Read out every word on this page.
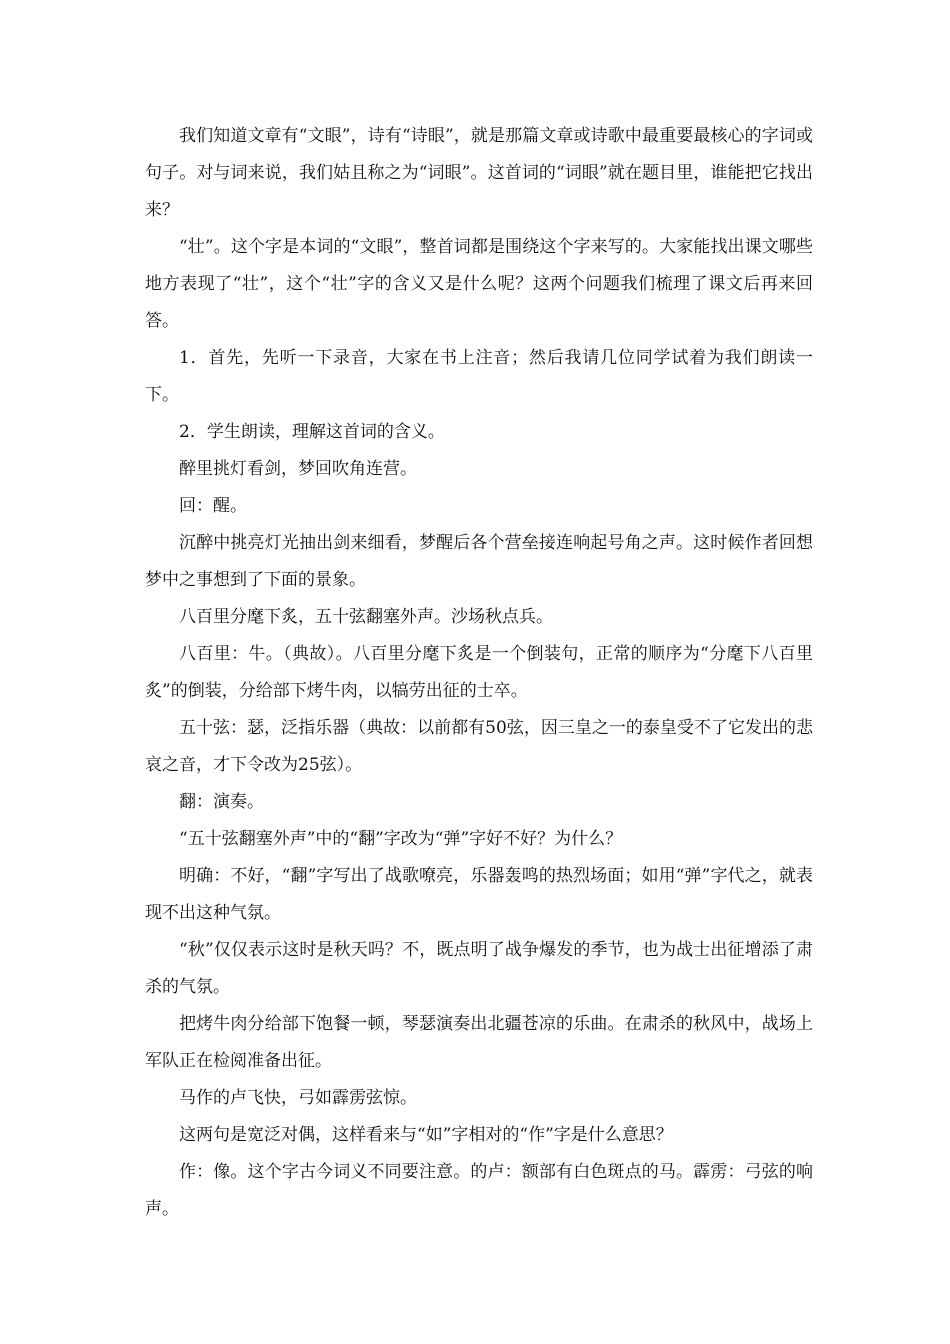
我们知道文章有“文眼”，诗有“诗眼”，就是那篇文章或诗歌中最重要最核心的字词或句子。对与词来说，我们姑且称之为“词眼”。这首词的“词眼”就在题目里，谁能把它找出来？

“壮”。这个字是本词的“文眼”，整首词都是围绕这个字来写的。大家能找出课文哪些地方表现了“壮”，这个“壮”字的含义又是什么呢？这两个问题我们梳理了课文后再来回答。

1．首先，先听一下录音，大家在书上注音；然后我请几位同学试着为我们朗读一下。

2．学生朗读，理解这首词的含义。

醉里挑灯看剑，梦回吹角连营。

回：醒。

沉醉中挑亮灯光抽出剑来细看，梦醒后各个营垒接连响起号角之声。这时候作者回想梦中之事想到了下面的景象。

八百里分麾下炙，五十弦翻塞外声。沙场秋点兵。

八百里：牛。（典故）。八百里分麾下炙是一个倒装句，正常的顺序为“分麾下八百里炙”的倒装，分给部下烤牛肉，以犒劳出征的士卒。

五十弦：瑟，泛指乐器（典故：以前都有50弦，因三皇之一的泰皇受不了它发出的悲哀之音，才下令改为25弦）。

翻：演奏。

“五十弦翻塞外声”中的“翻”字改为“弹”字好不好？为什么？

明确：不好，“翻”字写出了战歌嘹亮，乐器轰鸣的热烈场面；如用“弹”字代之，就表现不出这种气氛。

“秋”仅仅表示这时是秋天吗？不，既点明了战争爆发的季节，也为战士出征增添了肃杀的气氛。

把烤牛肉分给部下饱餐一顿，琴瑟演奏出北疆苍凉的乐曲。在肃杀的秋风中，战场上军队正在检阅准备出征。

马作的卢飞快，弓如霹雳弦惊。

这两句是宽泛对偶，这样看来与“如”字相对的“作”字是什么意思？

作：像。这个字古今词义不同要注意。的卢：额部有白色斑点的马。霹雳：弓弦的响声。
